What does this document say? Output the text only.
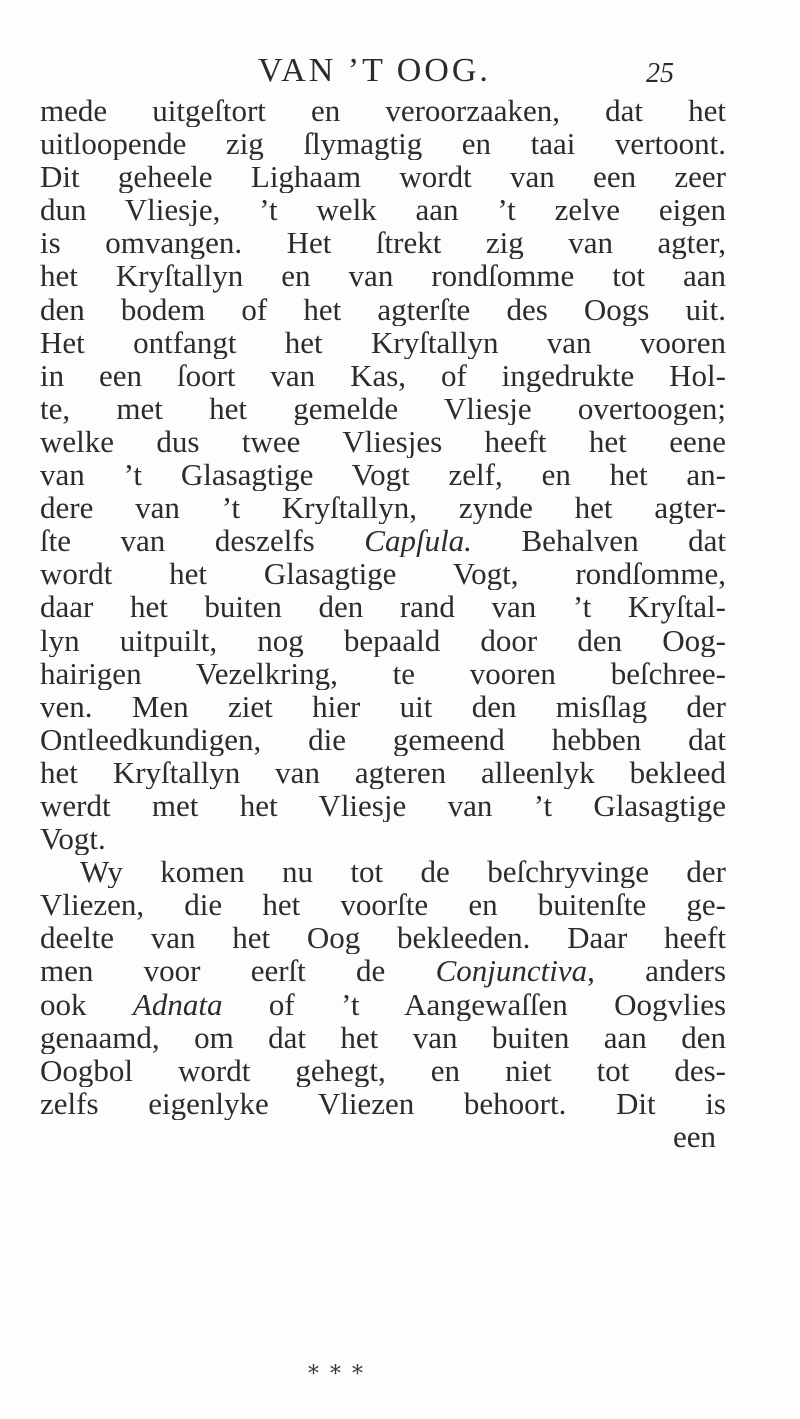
VAN ’T OOG.	25
mede uitgeſtort en veroorzaaken, dat het
uitloopende zig ſlymagtig en taai vertoont.
Dit geheele Lighaam wordt van een zeer
dun Vliesje, ’t welk aan ’t zelve eigen
is omvangen. Het ſtrekt zig van agter,
het Kryſtallyn en van rondſomme tot aan
den bodem of het agterſte des Oogs uit.
Het ontfangt het Kryſtallyn van vooren
in een ſoort van Kas, of ingedrukte Hol-
te, met het gemelde Vliesje overtoogen;
welke dus twee Vliesjes heeft het eene
van ’t Glasagtige Vogt zelf, en het an-
dere van ’t Kryſtallyn, zynde het agter-
ſte van deszelfs Capſula. Behalven dat
wordt het Glasagtige Vogt, rondſomme,
daar het buiten den rand van ’t Kryſtal-
lyn uitpuilt, nog bepaald door den Oog-
hairigen Vezelkring, te vooren beſchree-
ven. Men ziet hier uit den misſlag der
Ontleedkundigen, die gemeend hebben dat
het Kryſtallyn van agteren alleenlyk bekleed
werdt met het Vliesje van ’t Glasagtige
Vogt.
Wy komen nu tot de beſchryvinge der
Vliezen, die het voorſte en buitenſte ge-
deelte van het Oog bekleeden. Daar heeft
men voor eerſt de Conjunctiva, anders
ook Adnata of ’t Aangewaſſen Oogvlies
genaamd, om dat het van buiten aan den
Oogbol wordt gehegt, en niet tot des-
zelfs eigenlyke Vliezen behoort. Dit is
een
* * *
